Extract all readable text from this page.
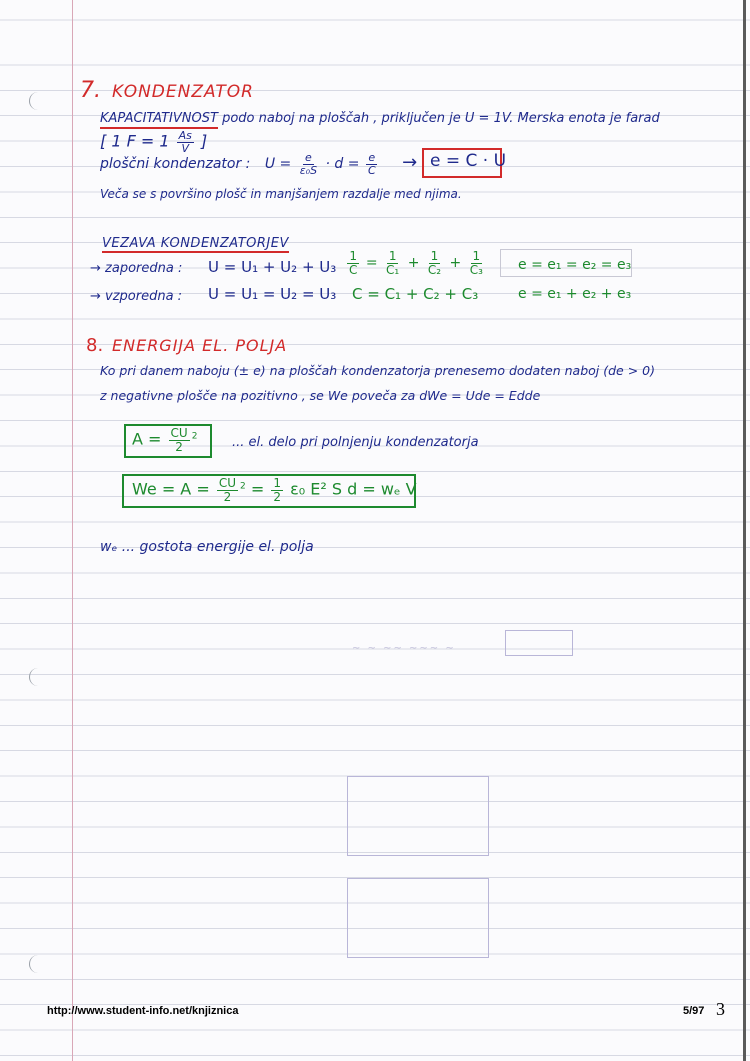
7. KONDENZATOR
KAPACITATIVNOST podo naboj na ploščah , priključen je U = 1V. Merska enota je farad
[ 1 $F = 1 \frac{As}{V}$ ]
ploščni kondenzator : $U = \frac{e}{\text{ε₀S}} \cdot d = \frac{e}{C} \to e = C \cdot U$
Veča se s površino plošč in manjšanjem razdalje med njima.
VEZAVA KONDENZATORJEV
→ zaporedna : $U = U_1 + U_2 + U_3 \frac{1}{C} = \frac{1}{\text{C₁}} + \frac{1}{\text{C₂}} + \frac{1}{\text{C₃}}$ e = e₁ = e₂ = e₃
→ vzporedna : U = U₁ = U₂ = U₃ C = C₁ + C₂ + C₃	e = e₁ + e₂ + e₃
8. ENERGIJA EL. POLJA
Ko pri danem naboju (± e) na ploščah kondenzatorja prenesemo dodaten naboj (de > 0)
z negativne plošče na pozitivno , se We poveča za dWe = Ude = Edde
$A = \frac{CU}{2} ^2$	... el. delo pri polnjenju kondenzatorja
$We = A = \frac{CU}{2} ^2 = \frac{1}{2} \varepsilon_0$ E² S d = wₑ V
wₑ ... gostota energije el. polja
~ ~ ~~ ~~~ ~
http://www.student-info.net/knjiznica	5/97 3
